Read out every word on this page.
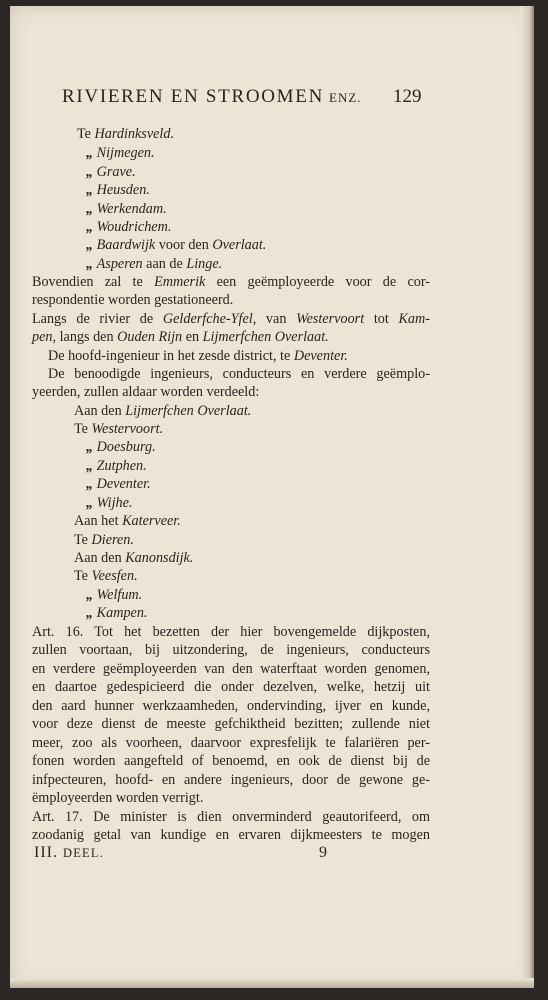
RIVIEREN EN STROOMEN ENZ.	129
Te Hardinksveld.
„ Nijmegen.
„ Grave.
„ Heusden.
„ Werkendam.
„ Woudrichem.
„ Baardwijk voor den Overlaat.
„ Asperen aan de Linge.
Bovendien zal te Emmerik een geëmployeerde voor de cor-
respondentie worden gestationeerd.
Langs de rivier de Gelderfche-Yfel, van Westervoort tot Kam-
pen, langs den Ouden Rijn en Lijmerfchen Overlaat.
De hoofd-ingenieur in het zesde district, te Deventer.
De benoodigde ingenieurs, conducteurs en verdere geëmplo-
yeerden, zullen aldaar worden verdeeld:
Aan den Lijmerfchen Overlaat.
Te Westervoort.
„ Doesburg.
„ Zutphen.
„ Deventer.
„ Wijhe.
Aan het Katerveer.
Te Dieren.
Aan den Kanonsdijk.
Te Veesfen.
„ Welfum.
„ Kampen.
Art. 16. Tot het bezetten der hier bovengemelde dijkposten,
zullen voortaan, bij uitzondering, de ingenieurs, conducteurs
en verdere geëmployeerden van den waterftaat worden genomen,
en daartoe gedespicieerd die onder dezelven, welke, hetzij uit
den aard hunner werkzaamheden, ondervinding, ijver en kunde,
voor deze dienst de meeste gefchiktheid bezitten; zullende niet
meer, zoo als voorheen, daarvoor expresfelijk te falariëren per-
fonen worden aangefteld of benoemd, en ook de dienst bij de
infpecteuren, hoofd- en andere ingenieurs, door de gewone ge-
ëmployeerden worden verrigt.
Art. 17. De minister is dien onverminderd geautorifeerd, om
zoodanig getal van kundige en ervaren dijkmeesters te mogen
III. DEEL.	9
